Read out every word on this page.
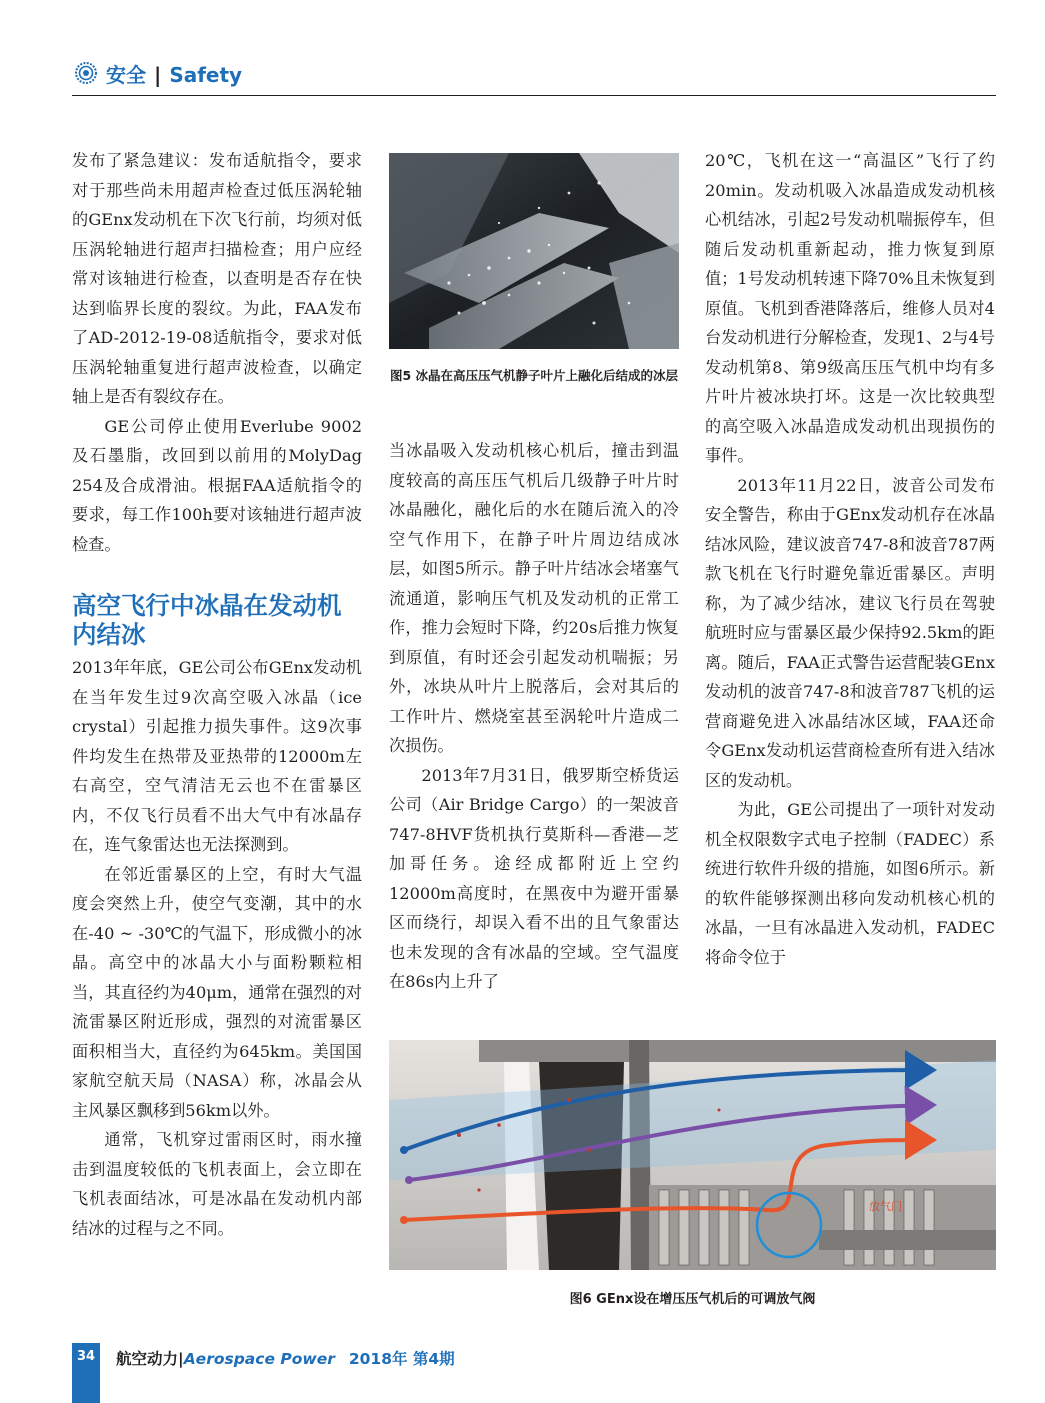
安全 | Safety

发布了紧急建议：发布适航指令，要求对于那些尚未用超声检查过低压涡轮轴的GEnx发动机在下次飞行前，均须对低压涡轮轴进行超声扫描检查；用户应经常对该轴进行检查，以查明是否存在快达到临界长度的裂纹。为此，FAA发布了AD-2012-19-08适航指令，要求对低压涡轮轴重复进行超声波检查，以确定轴上是否有裂纹存在。

GE公司停止使用Everlube 9002及石墨脂，改回到以前用的MolyDag 254及合成滑油。根据FAA适航指令的要求，每工作100h要对该轴进行超声波检查。

高空飞行中冰晶在发动机内结冰

2013年年底，GE公司公布GEnx发动机在当年发生过9次高空吸入冰晶（ice crystal）引起推力损失事件。这9次事件均发生在热带及亚热带的12000m左右高空，空气清洁无云也不在雷暴区内，不仅飞行员看不出大气中有冰晶存在，连气象雷达也无法探测到。

在邻近雷暴区的上空，有时大气温度会突然上升，使空气变潮，其中的水在-40 ~ -30℃的气温下，形成微小的冰晶。高空中的冰晶大小与面粉颗粒相当，其直径约为40μm，通常在强烈的对流雷暴区附近形成，强烈的对流雷暴区面积相当大，直径约为645km。美国国家航空航天局（NASA）称，冰晶会从主风暴区飘移到56km以外。

通常，飞机穿过雷雨区时，雨水撞击到温度较低的飞机表面上，会立即在飞机表面结冰，可是冰晶在发动机内部结冰的过程与之不同。

图5 冰晶在高压压气机静子叶片上融化后结成的冰层

当冰晶吸入发动机核心机后，撞击到温度较高的高压压气机后几级静子叶片时冰晶融化，融化后的水在随后流入的冷空气作用下，在静子叶片周边结成冰层，如图5所示。静子叶片结冰会堵塞气流通道，影响压气机及发动机的正常工作，推力会短时下降，约20s后推力恢复到原值，有时还会引起发动机喘振；另外，冰块从叶片上脱落后，会对其后的工作叶片、燃烧室甚至涡轮叶片造成二次损伤。

2013年7月31日，俄罗斯空桥货运公司（Air Bridge Cargo）的一架波音747-8HVF货机执行莫斯科—香港—芝加哥任务。途经成都附近上空约12000m高度时，在黑夜中为避开雷暴区而绕行，却误入看不出的且气象雷达也未发现的含有冰晶的空域。空气温度在86s内上升了

20℃，飞机在这一“高温区”飞行了约20min。发动机吸入冰晶造成发动机核心机结冰，引起2号发动机喘振停车，但随后发动机重新起动，推力恢复到原值；1号发动机转速下降70%且未恢复到原值。飞机到香港降落后，维修人员对4台发动机进行分解检查，发现1、2与4号发动机第8、第9级高压压气机中均有多片叶片被冰块打坏。这是一次比较典型的高空吸入冰晶造成发动机出现损伤的事件。

2013年11月22日，波音公司发布安全警告，称由于GEnx发动机存在冰晶结冰风险，建议波音747-8和波音787两款飞机在飞行时避免靠近雷暴区。声明称，为了减少结冰，建议飞行员在驾驶航班时应与雷暴区最少保持92.5km的距离。随后，FAA正式警告运营配装GEnx发动机的波音747-8和波音787飞机的运营商避免进入冰晶结冰区域，FAA还命令GEnx发动机运营商检查所有进入结冰区的发动机。

为此，GE公司提出了一项针对发动机全权限数字式电子控制（FADEC）系统进行软件升级的措施，如图6所示。新的软件能够探测出移向发动机核心机的冰晶，一旦有冰晶进入发动机，FADEC将命令位于

放气门
图6 GEnx设在增压压气机后的可调放气阀
34	航空动力|Aerospace Power 2018年 第4期
